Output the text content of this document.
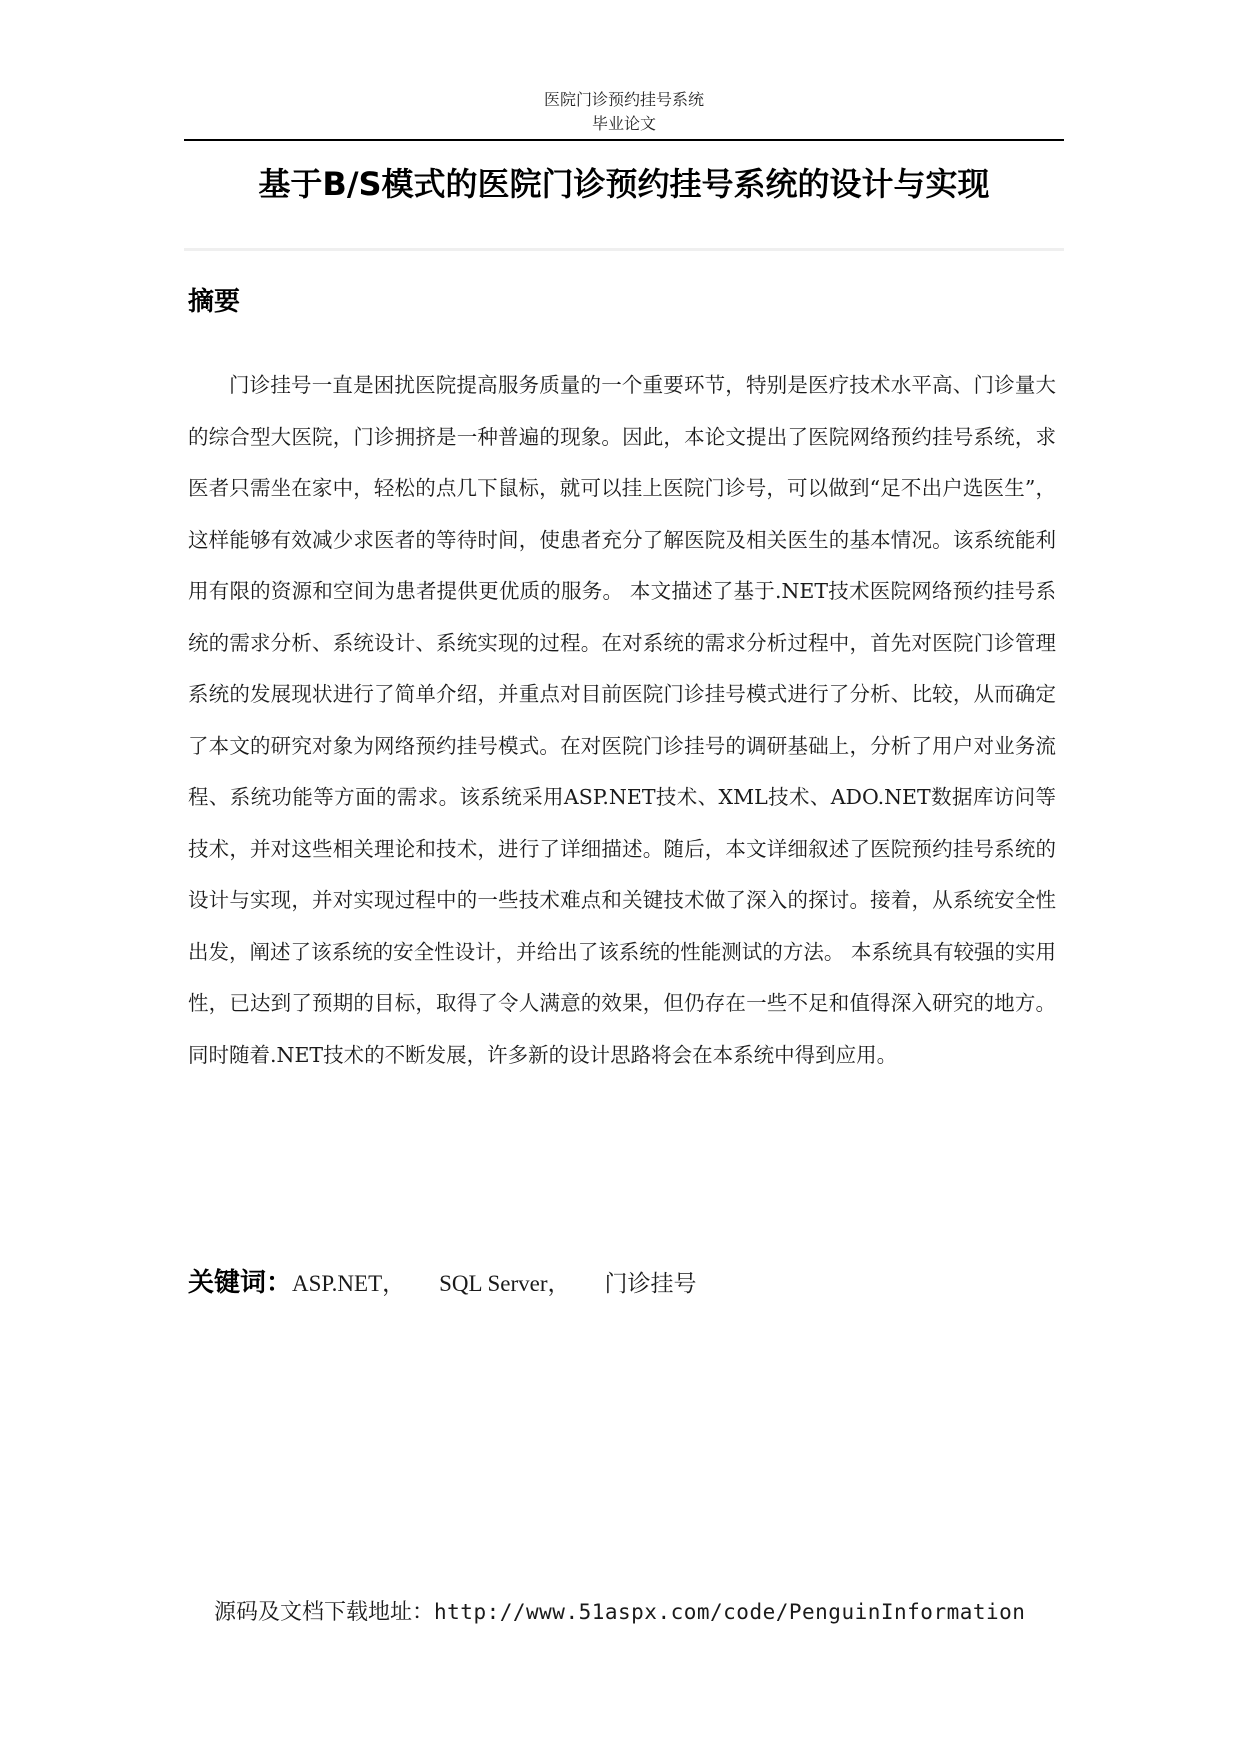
医院门诊预约挂号系统
毕业论文
基于B/S模式的医院门诊预约挂号系统的设计与实现
摘要

门诊挂号一直是困扰医院提高服务质量的一个重要环节，特别是医疗技术水平高、门诊量大的综合型大医院，门诊拥挤是一种普遍的现象。因此，本论文提出了医院网络预约挂号系统，求医者只需坐在家中，轻松的点几下鼠标，就可以挂上医院门诊号，可以做到“足不出户选医生”，这样能够有效减少求医者的等待时间，使患者充分了解医院及相关医生的基本情况。该系统能利用有限的资源和空间为患者提供更优质的服务。 本文描述了基于.NET技术医院网络预约挂号系统的需求分析、系统设计、系统实现的过程。在对系统的需求分析过程中，首先对医院门诊管理系统的发展现状进行了简单介绍，并重点对目前医院门诊挂号模式进行了分析、比较，从而确定了本文的研究对象为网络预约挂号模式。在对医院门诊挂号的调研基础上，分析了用户对业务流程、系统功能等方面的需求。该系统采用ASP.NET技术、XML技术、ADO.NET数据库访问等技术，并对这些相关理论和技术，进行了详细描述。随后，本文详细叙述了医院预约挂号系统的设计与实现，并对实现过程中的一些技术难点和关键技术做了深入的探讨。接着，从系统安全性出发，阐述了该系统的安全性设计，并给出了该系统的性能测试的方法。 本系统具有较强的实用性，已达到了预期的目标，取得了令人满意的效果，但仍存在一些不足和值得深入研究的地方。同时随着.NET技术的不断发展，许多新的设计思路将会在本系统中得到应用。

关键词：ASP.NET， SQL Server， 门诊挂号
源码及文档下载地址：http://www.51aspx.com/code/PenguinInformation
